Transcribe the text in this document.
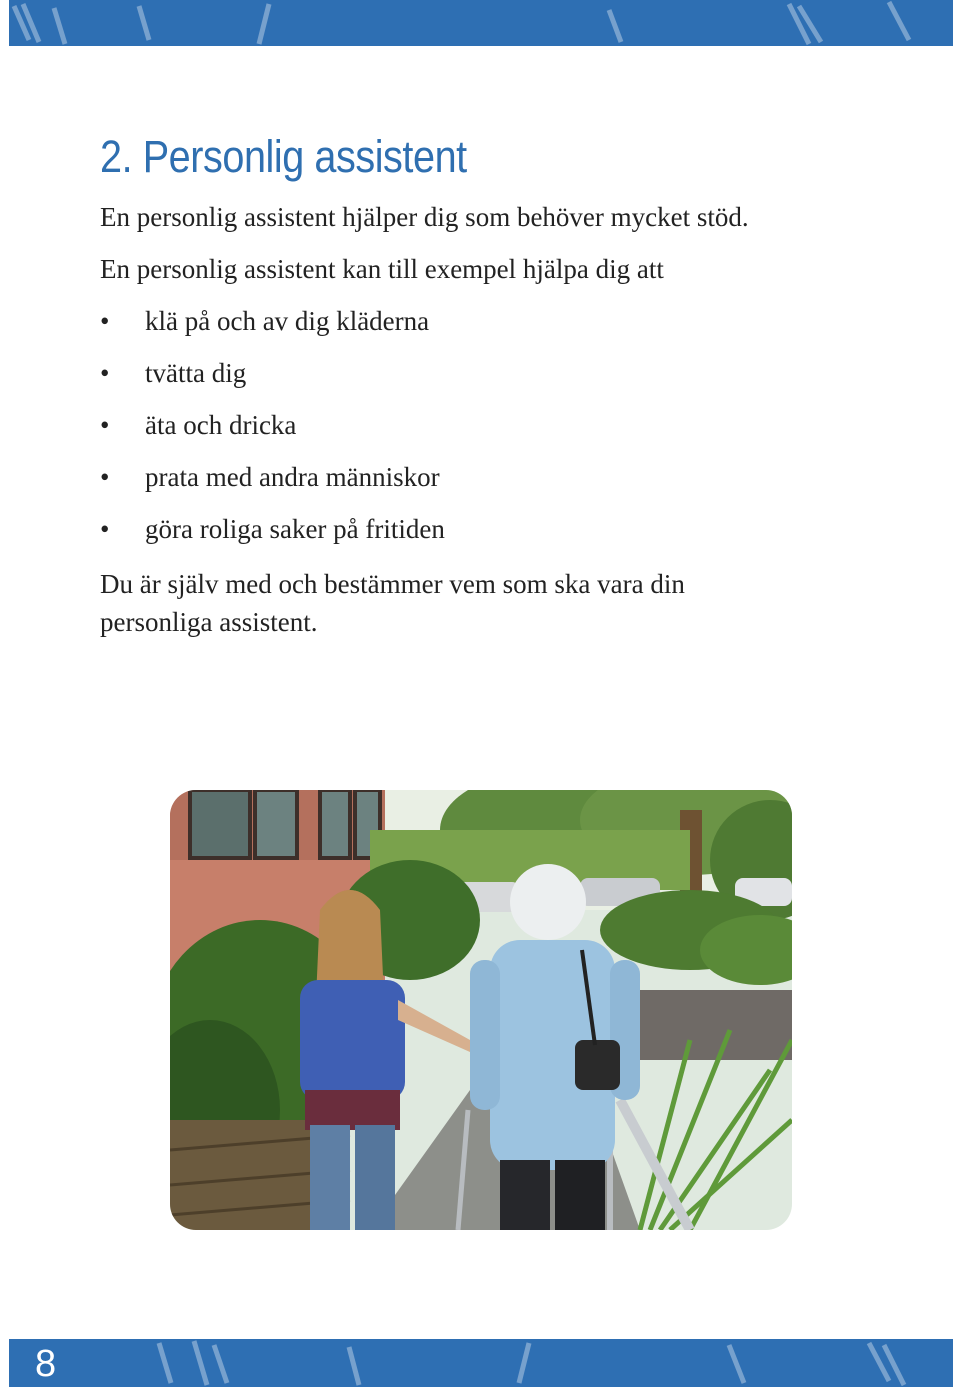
2. Personlig assistent

En personlig assistent hjälper dig som behöver mycket stöd.

En personlig assistent kan till exempel hjälpa dig att

• klä på och av dig kläderna
• tvätta dig
• äta och dricka
• prata med andra människor
• göra roliga saker på fritiden

Du är själv med och bestämmer vem som ska vara din personliga assistent.

8
